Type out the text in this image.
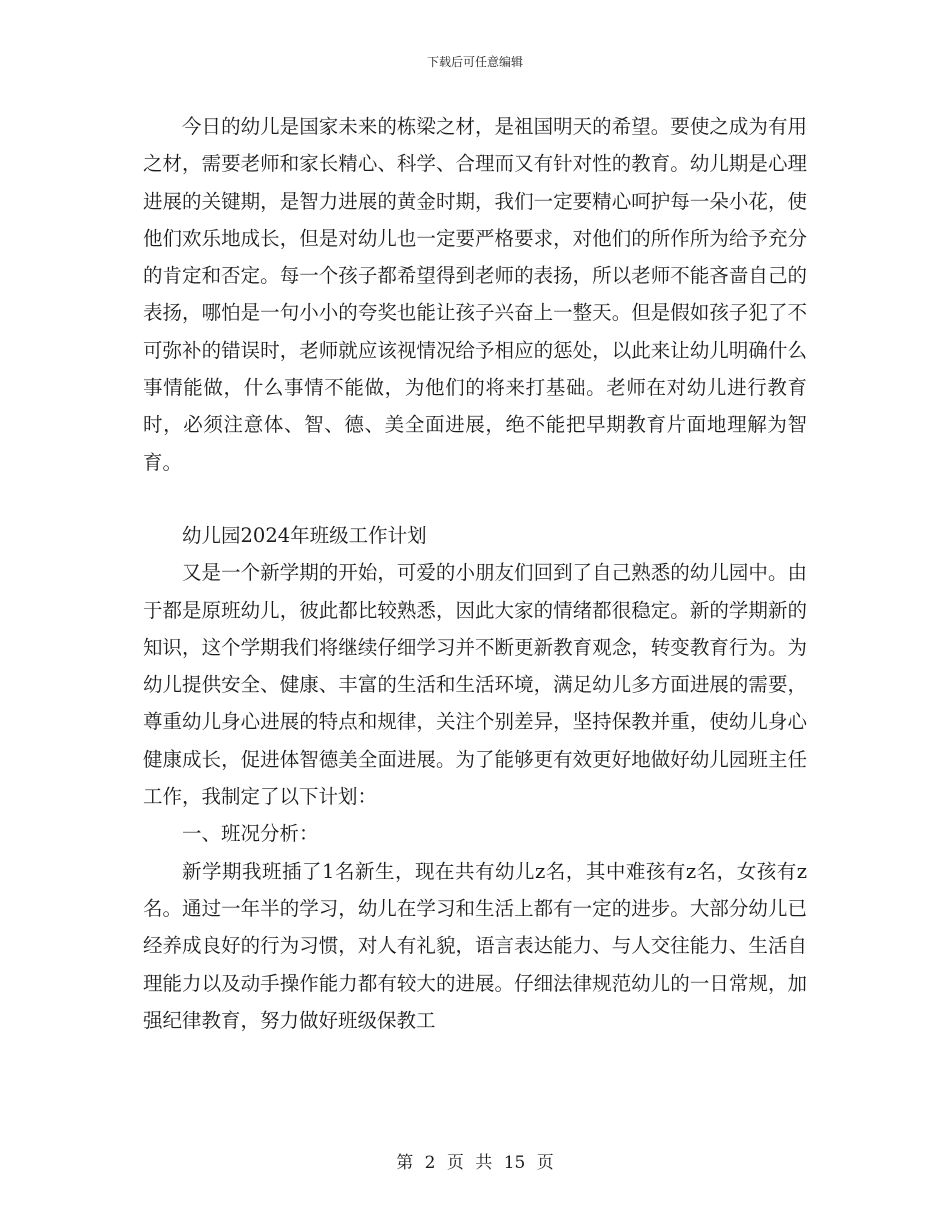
下载后可任意编辑

今日的幼儿是国家未来的栋梁之材，是祖国明天的希望。要使之成为有用之材，需要老师和家长精心、科学、合理而又有针对性的教育。幼儿期是心理进展的关键期，是智力进展的黄金时期，我们一定要精心呵护每一朵小花，使他们欢乐地成长，但是对幼儿也一定要严格要求，对他们的所作所为给予充分的肯定和否定。每一个孩子都希望得到老师的表扬，所以老师不能吝啬自己的表扬，哪怕是一句小小的夸奖也能让孩子兴奋上一整天。但是假如孩子犯了不可弥补的错误时，老师就应该视情况给予相应的惩处，以此来让幼儿明确什么事情能做，什么事情不能做，为他们的将来打基础。老师在对幼儿进行教育时，必须注意体、智、德、美全面进展，绝不能把早期教育片面地理解为智育。

幼儿园2024年班级工作计划

又是一个新学期的开始，可爱的小朋友们回到了自己熟悉的幼儿园中。由于都是原班幼儿，彼此都比较熟悉，因此大家的情绪都很稳定。新的学期新的知识，这个学期我们将继续仔细学习并不断更新教育观念，转变教育行为。为幼儿提供安全、健康、丰富的生活和生活环境，满足幼儿多方面进展的需要，尊重幼儿身心进展的特点和规律，关注个别差异，坚持保教并重，使幼儿身心健康成长，促进体智德美全面进展。为了能够更有效更好地做好幼儿园班主任工作，我制定了以下计划：

一、班况分析：

新学期我班插了1名新生，现在共有幼儿z名，其中难孩有z名，女孩有z名。通过一年半的学习，幼儿在学习和生活上都有一定的进步。大部分幼儿已经养成良好的行为习惯，对人有礼貌，语言表达能力、与人交往能力、生活自理能力以及动手操作能力都有较大的进展。仔细法律规范幼儿的一日常规，加强纪律教育，努力做好班级保教工

第 2 页 共 15 页
